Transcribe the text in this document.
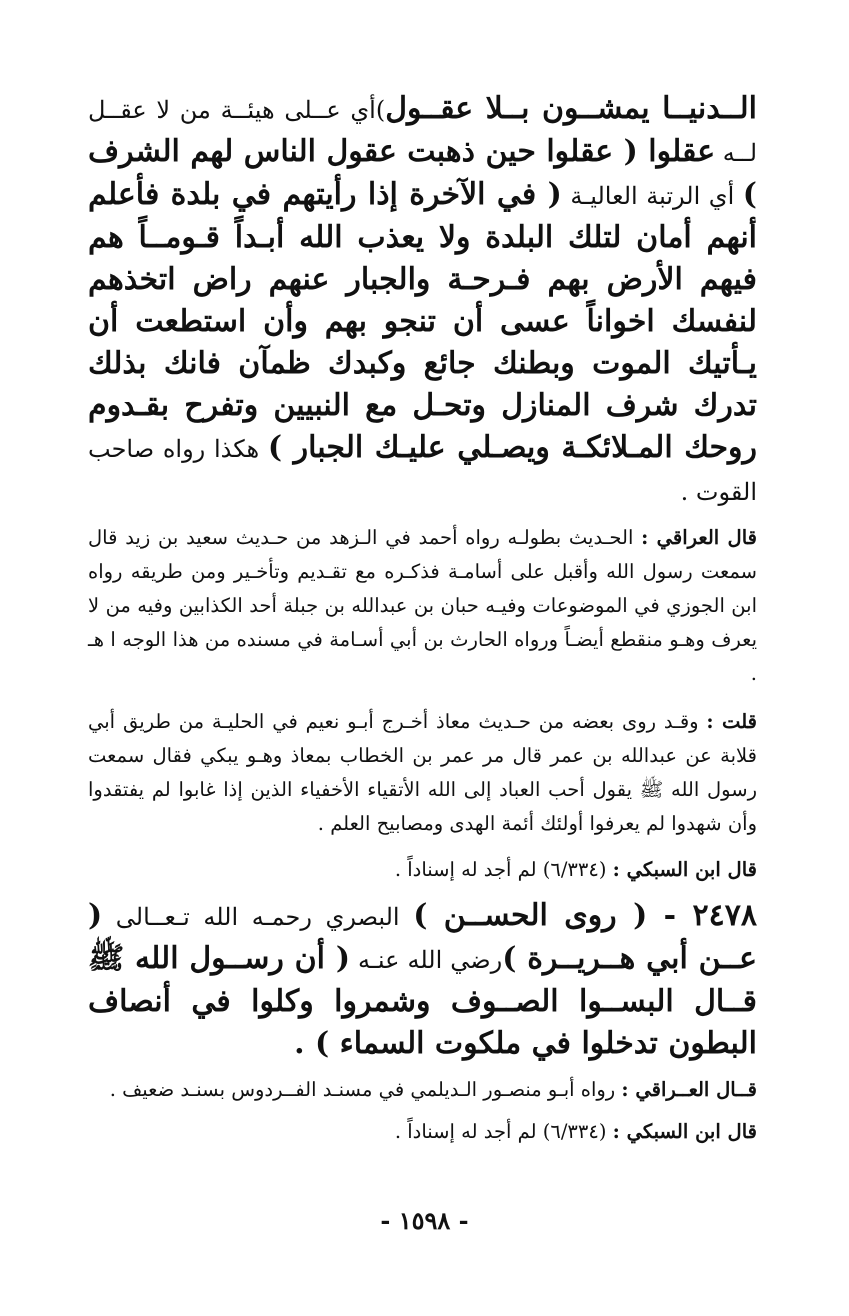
الــدنيــا يمشــون بــلا عقــول)أي عــلى هيئــة من لا عقــل لــه عقلوا ( عقلوا حين ذهبت عقول الناس لهم الشرف ) أي الرتبة العاليـة ( في الآخرة إذا رأيتهم في بلدة فأعلم أنهم أمان لتلك البلدة ولا يعذب الله أبـداً قـومــاً هم فيهم الأرض بهم فـرحـة والجبار عنهم راض اتخذهم لنفسك اخواناً عسى أن تنجو بهم وأن استطعت أن يـأتيك الموت وبطنك جائع وكبدك ظمآن فانك بذلك تدرك شرف المنازل وتحـل مع النبيين وتفرح بقـدوم روحك المـلائكـة ويصـلي عليـك الجبار ) هكذا رواه صاحب القوت .

قال العراقي : الحـديث بطولـه رواه أحمد في الـزهد من حـديث سعيد بن زيد قال سمعت رسول الله وأقبل على أسامـة فذكـره مع تقـديم وتأخـير ومن طريقه رواه ابن الجوزي في الموضوعات وفيـه حبان بن عبدالله بن جبلة أحد الكذابين وفيه من لا يعرف وهـو منقطع أيضـاً ورواه الحارث بن أبي أسـامة في مسنده من هذا الوجه ا هـ .

قلت : وقـد روى بعضه من حـديث معاذ أخـرج أبـو نعيم في الحليـة من طريق أبي قلابة عن عبدالله بن عمر قال مر عمر بن الخطاب بمعاذ وهـو يبكي فقال سمعت رسول الله ﷺ يقول أحب العباد إلى الله الأتقياء الأخفياء الذين إذا غابوا لم يفتقدوا وأن شهدوا لم يعرفوا أولئك أئمة الهدى ومصابيح العلم .

قال ابن السبكي : (٦/٣٣٤) لم أجد له إسناداً .

٢٤٧٨ - ( روى الحســن ) البصري رحمـه الله تـعــالى ( عــن أبي هــريــرة )رضي الله عنـه ( أن رســول الله ﷺ قــال البســوا الصــوف وشمروا وكلوا في أنصاف البطون تدخلوا في ملكوت السماء ) .

قــال العــراقي : رواه أبـو منصـور الـديلمي في مسنـد الفــردوس بسنـد ضعيف .

قال ابن السبكي : (٦/٣٣٤) لم أجد له إسناداً .

- ١٥٩٨ -
